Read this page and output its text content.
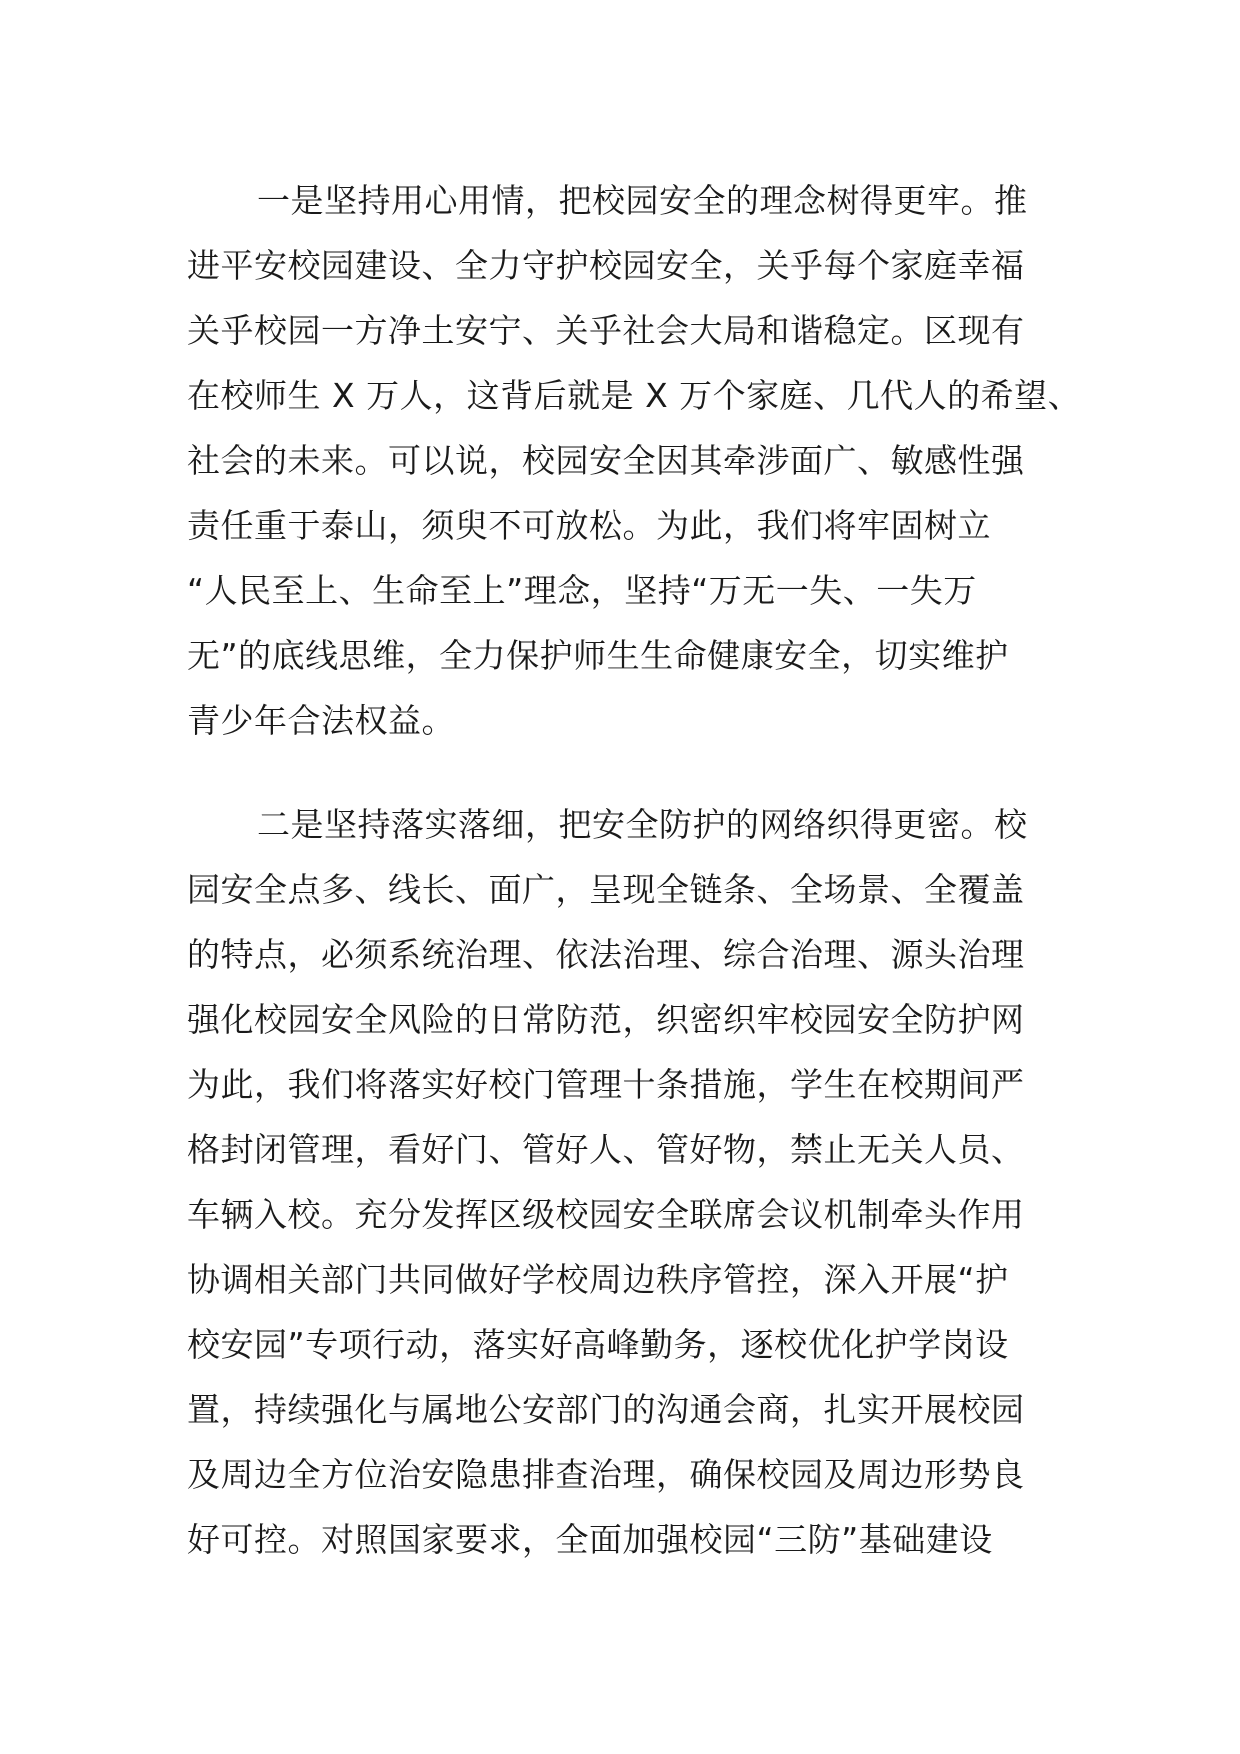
一是坚持用心用情，把校园安全的理念树得更牢。推
进平安校园建设、全力守护校园安全，关乎每个家庭幸福
关乎校园一方净土安宁、关乎社会大局和谐稳定。区现有
在校师生 X 万人，这背后就是 X 万个家庭、几代人的希望、
社会的未来。可以说，校园安全因其牵涉面广、敏感性强
责任重于泰山，须臾不可放松。为此，我们将牢固树立
“人民至上、生命至上”理念，坚持“万无一失、一失万
无”的底线思维，全力保护师生生命健康安全，切实维护
青少年合法权益。
二是坚持落实落细，把安全防护的网络织得更密。校
园安全点多、线长、面广，呈现全链条、全场景、全覆盖
的特点，必须系统治理、依法治理、综合治理、源头治理
强化校园安全风险的日常防范，织密织牢校园安全防护网
为此，我们将落实好校门管理十条措施，学生在校期间严
格封闭管理，看好门、管好人、管好物，禁止无关人员、
车辆入校。充分发挥区级校园安全联席会议机制牵头作用
协调相关部门共同做好学校周边秩序管控，深入开展“护
校安园”专项行动，落实好高峰勤务，逐校优化护学岗设
置，持续强化与属地公安部门的沟通会商，扎实开展校园
及周边全方位治安隐患排查治理，确保校园及周边形势良
好可控。对照国家要求，全面加强校园“三防”基础建设
